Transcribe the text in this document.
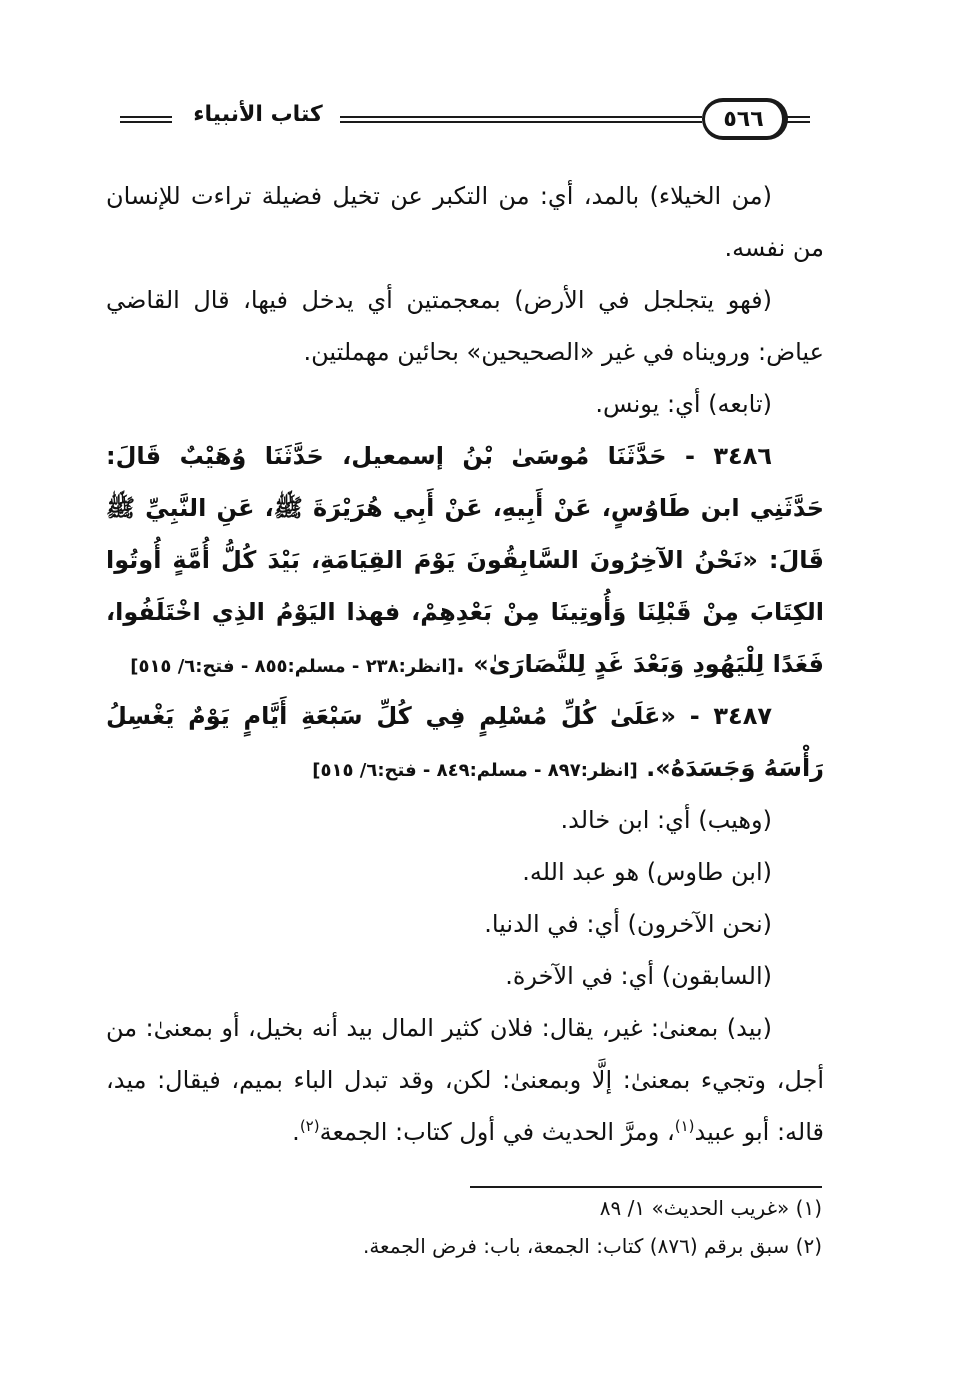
٥٦٦
كتاب الأنبياء

(من الخيلاء) بالمد، أي: من التكبر عن تخيل فضيلة تراءت للإنسان من نفسه.

(فهو يتجلجل في الأرض) بمعجمتين أي يدخل فيها، قال القاضي عياض: ورويناه في غير «الصحيحين» بحائين مهملتين.

(تابعه) أي: يونس.

٣٤٨٦ - حَدَّثَنَا مُوسَىٰ بْنُ إسمعيل، حَدَّثَنَا وُهَيْبٌ قَالَ: حَدَّثَنِي ابن طَاوُسٍ، عَنْ أَبِيهِ، عَنْ أَبِي هُرَيْرَةَ ﷺ، عَنِ النَّبِيِّ ﷺ قَالَ: «نَحْنُ الآخِرُونَ السَّابِقُونَ يَوْمَ القِيَامَةِ، بَيْدَ كُلُّ أُمَّةٍ أُوتُوا الكِتَابَ مِنْ قَبْلِنَا وَأُوتِينَا مِنْ بَعْدِهِمْ، فهذا اليَوْمُ الذِي اخْتَلَفُوا، فَغَدًا لِلْيَهُودِ وَبَعْدَ غَدٍ لِلنَّصَارَىٰ» .[انظر:٢٣٨ - مسلم:٨٥٥ - فتح:٦/ ٥١٥]

٣٤٨٧ - «عَلَىٰ كُلِّ مُسْلِمٍ فِي كُلِّ سَبْعَةِ أَيَّامٍ يَوْمٌ يَغْسِلُ رَأْسَهُ وَجَسَدَهُ». [انظر:٨٩٧ - مسلم:٨٤٩ - فتح:٦/ ٥١٥]

(وهيب) أي: ابن خالد.

(ابن طاوس) هو عبد الله.

(نحن الآخرون) أي: في الدنيا.

(السابقون) أي: في الآخرة.

(بيد) بمعنىٰ: غير، يقال: فلان كثير المال بيد أنه بخيل، أو بمعنىٰ: من أجل، وتجيء بمعنىٰ: إلَّا وبمعنىٰ: لكن، وقد تبدل الباء بميم، فيقال: ميد، قاله: أبو عبيد$^{(١)}$، ومرَّ الحديث في أول كتاب: الجمعة$^{(٢)}$.

(١) «غريب الحديث» ١/ ٨٩
(٢) سبق برقم (٨٧٦) كتاب: الجمعة، باب: فرض الجمعة.
